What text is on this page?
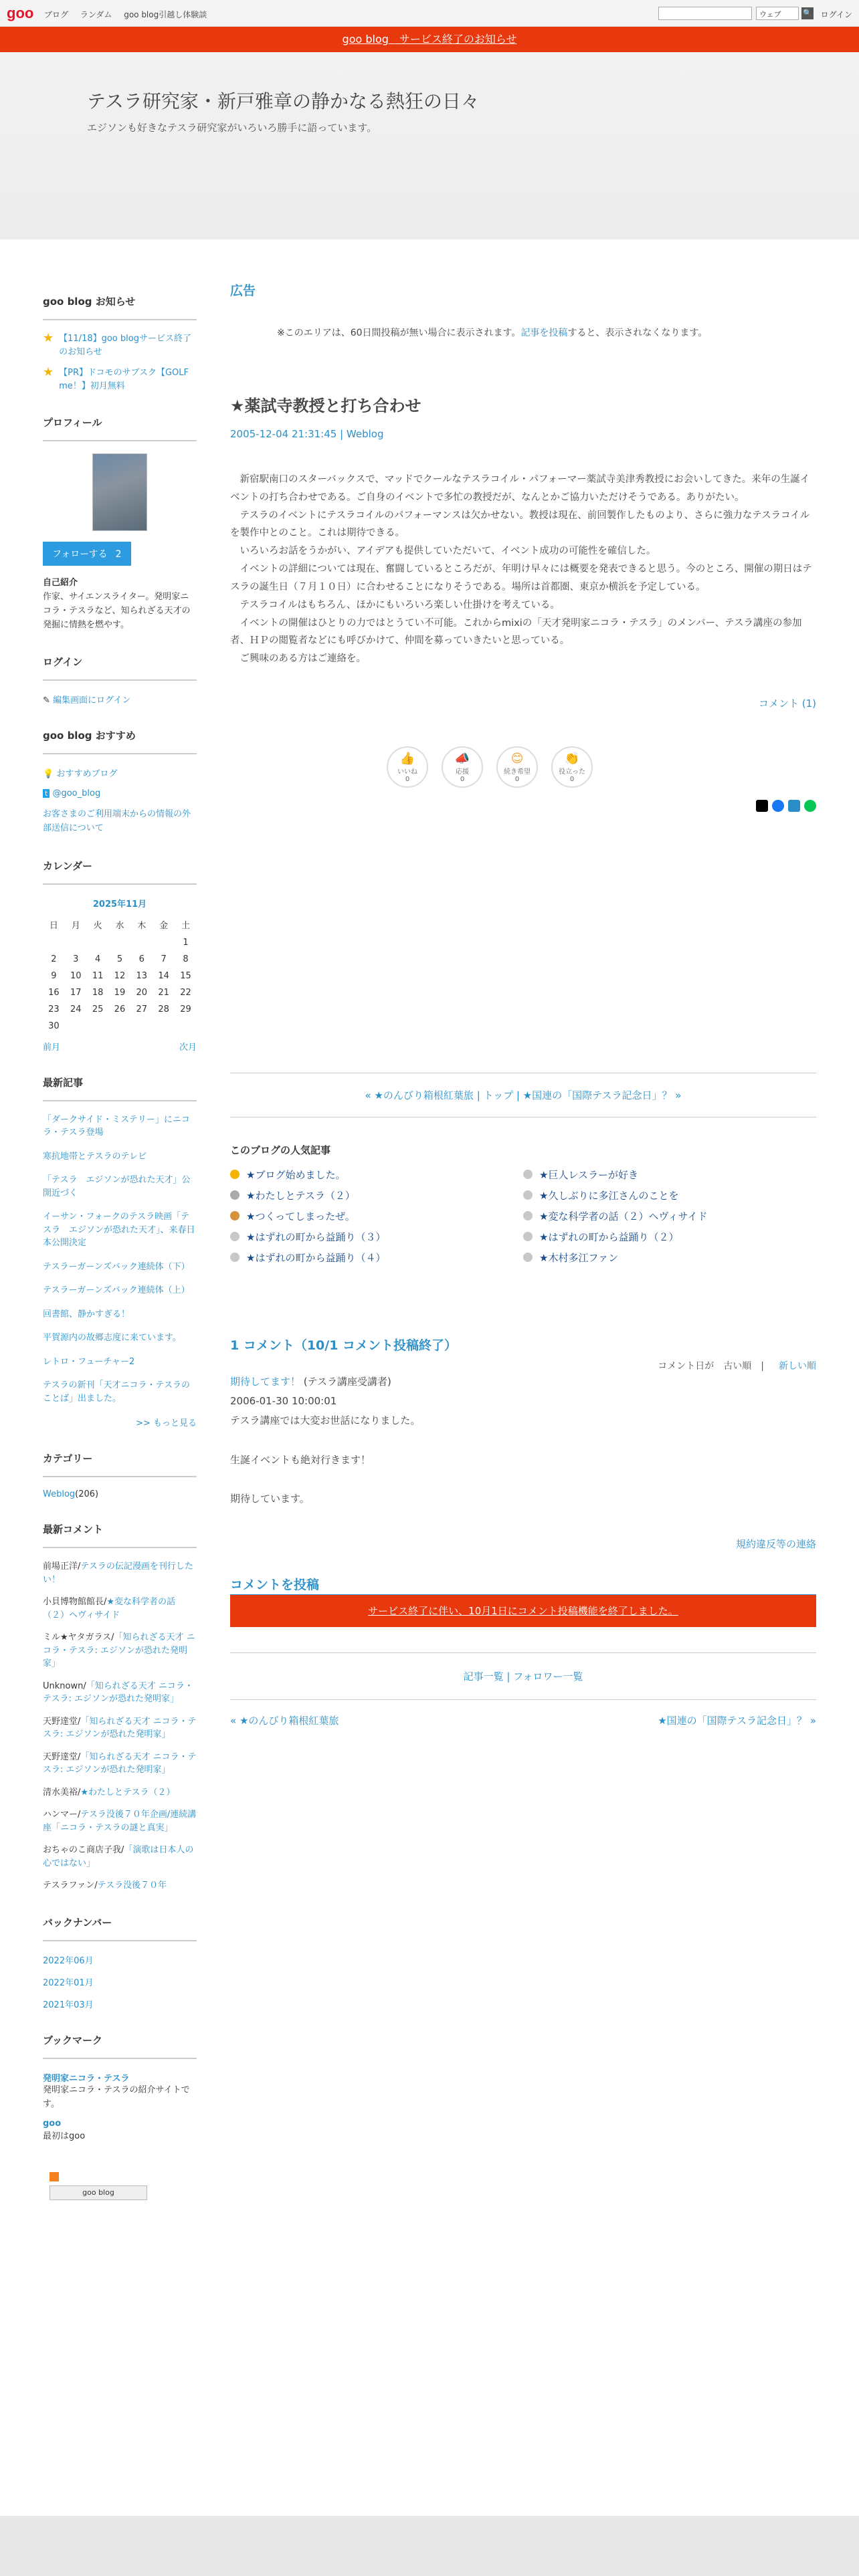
goo ブログ ランダム goo blog引越し体験談	ウェブ	🔍 ログイン
goo blog　サービス終了のお知らせ
テスラ研究家・新戸雅章の静かなる熱狂の日々
エジソンも好きなテスラ研究家がいろいろ勝手に語っています。
goo blog お知らせ
★ 【11/18】goo blogサービス終了のお知らせ
★ 【PR】ドコモのサブスク【GOLF me！】初月無料
プロフィール
フォローする 2
自己紹介
作家、サイエンスライター。発明家ニコラ・テスラなど、知られざる天才の発掘に情熱を燃やす。
ログイン
✎ 編集画面にログイン
goo blog おすすめ
💡 おすすめブログ
t @goo_blog
お客さまのご利用端末からの情報の外部送信について
カレンダー
2025年11月
日	月	火	水	木	金	土
						1
2	3	4	5	6	7	8
9	10	11	12	13	14	15
16	17	18	19	20	21	22
23	24	25	26	27	28	29
30						
前月	次月
最新記事
「ダークサイド・ミステリー」にニコラ・テスラ登場
寒抗地帯とテスラのテレビ
「テスラ　エジソンが恐れた天才」公開近づく
イーサン・フォークのテスラ映画「テスラ　エジソンが恐れた天才」、来春日本公開決定
テスラーガーンズバック連続体（下）
テスラーガーンズバック連続体（上）
回書館、静かすぎる！
平賀源内の故郷志度に来ています。
レトロ・フューチャー2
テスラの新刊「天才ニコラ・テスラのことば」出ました。
>> もっと見る
カテゴリー
Weblog(206)
最新コメント
前場正洋/テスラの伝記漫画を刊行したい！
小貝博物館館長/★変な科学者の話（２）ヘヴィサイド
ミル★ヤタガラス/「知られざる天才 ニコラ・テスラ: エジソンが恐れた発明家」
Unknown/「知られざる天才 ニコラ・テスラ: エジソンが恐れた発明家」
天野達堂/「知られざる天才 ニコラ・テスラ: エジソンが恐れた発明家」
天野達堂/「知られざる天才 ニコラ・テスラ: エジソンが恐れた発明家」
清水美裕/★わたしとテスラ（２）
ハンマー/テスラ没後７０年企画/連続講座「ニコラ・テスラの謎と真実」
おちゃのこ商店子我/「演歌は日本人の心ではない」
テスラファン/テスラ没後７０年
バックナンバー
2022年06月
2022年01月
2021年03月
ブックマーク
発明家ニコラ・テスラ
発明家ニコラ・テスラの紹介サイトです。
goo
最初はgoo
goo blog
広告
※このエリアは、60日間投稿が無い場合に表示されます。記事を投稿すると、表示されなくなります。
★薬試寺教授と打ち合わせ
2005-12-04 21:31:45 | Weblog

新宿駅南口のスターバックスで、マッドでクールなテスラコイル・パフォーマー薬試寺美津秀教授にお会いしてきた。来年の生誕イベントの打ち合わせである。ご自身のイベントで多忙の教授だが、なんとかご協力いただけそうである。ありがたい。

テスラのイベントにテスラコイルのパフォーマンスは欠かせない。教授は現在、前回製作したものより、さらに強力なテスラコイルを製作中とのこと。これは期待できる。

いろいろお話をうかがい、アイデアも提供していただいて、イベント成功の可能性を確信した。

イベントの詳細については現在、奮闘しているところだが、年明け早々には概要を発表できると思う。今のところ、開催の期日はテスラの誕生日（７月１０日）に合わせることになりそうである。場所は首都圏、東京か横浜を予定している。

テスラコイルはもちろん、ほかにもいろいろ楽しい仕掛けを考えている。

イベントの開催はひとりの力ではとうてい不可能。これからmixiの「天才発明家ニコラ・テスラ」のメンバー、テスラ講座の参加者、ＨＰの閲覧者などにも呼びかけて、仲間を募っていきたいと思っている。

ご興味のある方はご連絡を。

コメント (1)
👍
いいね
0
📣
応援
0
😊
続き希望
0
👏
役立った
0
« ★のんびり箱根紅葉旅 | トップ | ★国連の「国際テスラ記念日」？ »
このブログの人気記事
★ブログ始めました。	★巨人レスラーが好き
★わたしとテスラ（２）	★久しぶりに多江さんのことを
★つくってしまったぜ。	★変な科学者の話（２）ヘヴィサイド
★はずれの町から益踊り（３）	★はずれの町から益踊り（２）
★はずれの町から益踊り（４）	★木村多江ファン
1 コメント（10/1 コメント投稿終了）
コメント日が　 古い順　|　新しい順
期待してます！ (テスラ講座受講者)
2006-01-30 10:00:01
テスラ講座では大変お世話になりました。
生誕イベントも絶対行きます！
期待しています。
規約違反等の連絡
コメントを投稿
サービス終了に伴い、10月1日にコメント投稿機能を終了しました。
記事一覧 | フォロワー一覧
« ★のんびり箱根紅葉旅	★国連の「国際テスラ記念日」？ »
